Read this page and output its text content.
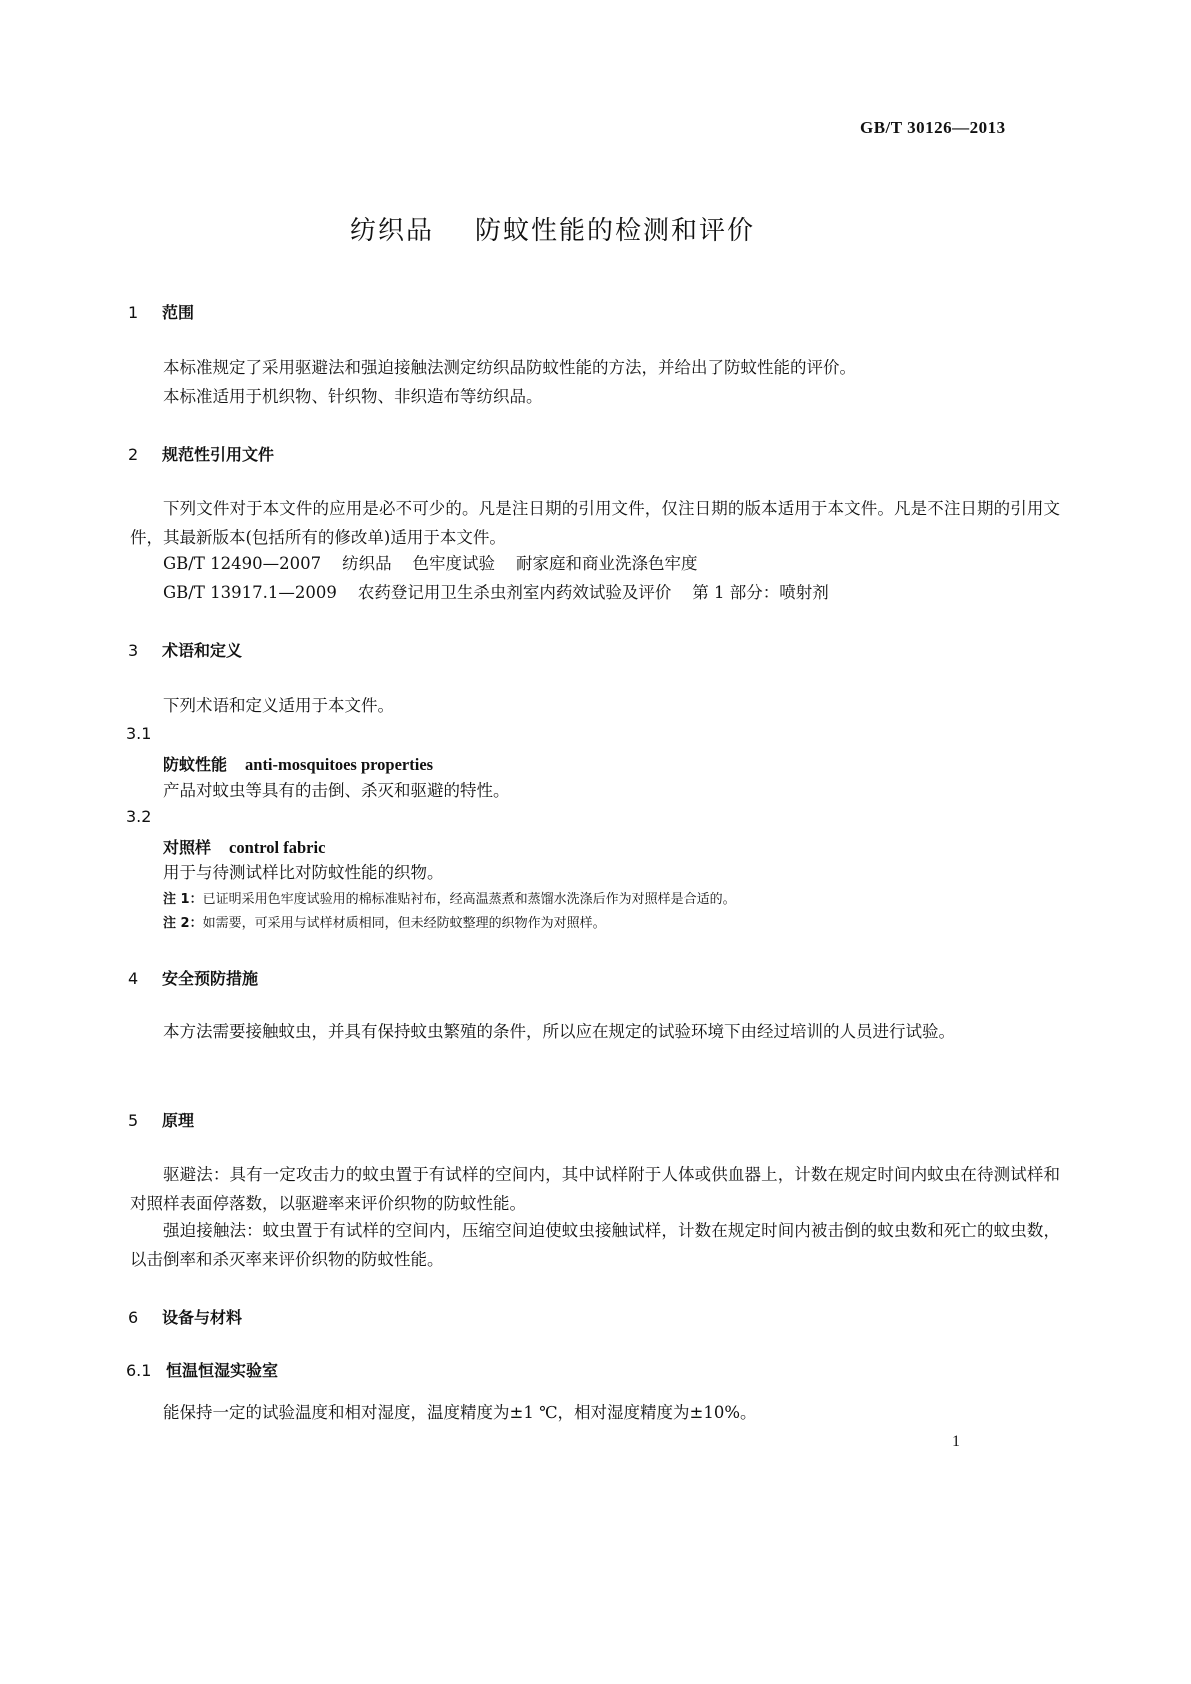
GB/T 30126—2013
纺织品    防蚊性能的检测和评价
1 范围
本标准规定了采用驱避法和强迫接触法测定纺织品防蚊性能的方法，并给出了防蚊性能的评价。
本标准适用于机织物、针织物、非织造布等纺织品。
2 规范性引用文件
下列文件对于本文件的应用是必不可少的。凡是注日期的引用文件，仅注日期的版本适用于本文件。凡是不注日期的引用文件，其最新版本(包括所有的修改单)适用于本文件。
GB/T 12490—2007    纺织品    色牢度试验    耐家庭和商业洗涤色牢度
GB/T 13917.1—2009    农药登记用卫生杀虫剂室内药效试验及评价    第 1 部分：喷射剂
3 术语和定义
下列术语和定义适用于本文件。
3.1
防蚊性能 anti-mosquitoes properties
产品对蚊虫等具有的击倒、杀灭和驱避的特性。
3.2
对照样 control fabric
用于与待测试样比对防蚊性能的织物。
注 1：已证明采用色牢度试验用的棉标准贴衬布，经高温蒸煮和蒸馏水洗涤后作为对照样是合适的。
注 2：如需要，可采用与试样材质相同，但未经防蚊整理的织物作为对照样。
4 安全预防措施
本方法需要接触蚊虫，并具有保持蚊虫繁殖的条件，所以应在规定的试验环境下由经过培训的人员进行试验。
5 原理
驱避法：具有一定攻击力的蚊虫置于有试样的空间内，其中试样附于人体或供血器上，计数在规定时间内蚊虫在待测试样和对照样表面停落数，以驱避率来评价织物的防蚊性能。
强迫接触法：蚊虫置于有试样的空间内，压缩空间迫使蚊虫接触试样，计数在规定时间内被击倒的蚊虫数和死亡的蚊虫数，以击倒率和杀灭率来评价织物的防蚊性能。
6 设备与材料
6.1 恒温恒湿实验室
能保持一定的试验温度和相对湿度，温度精度为±1 ℃，相对湿度精度为±10%。
1
